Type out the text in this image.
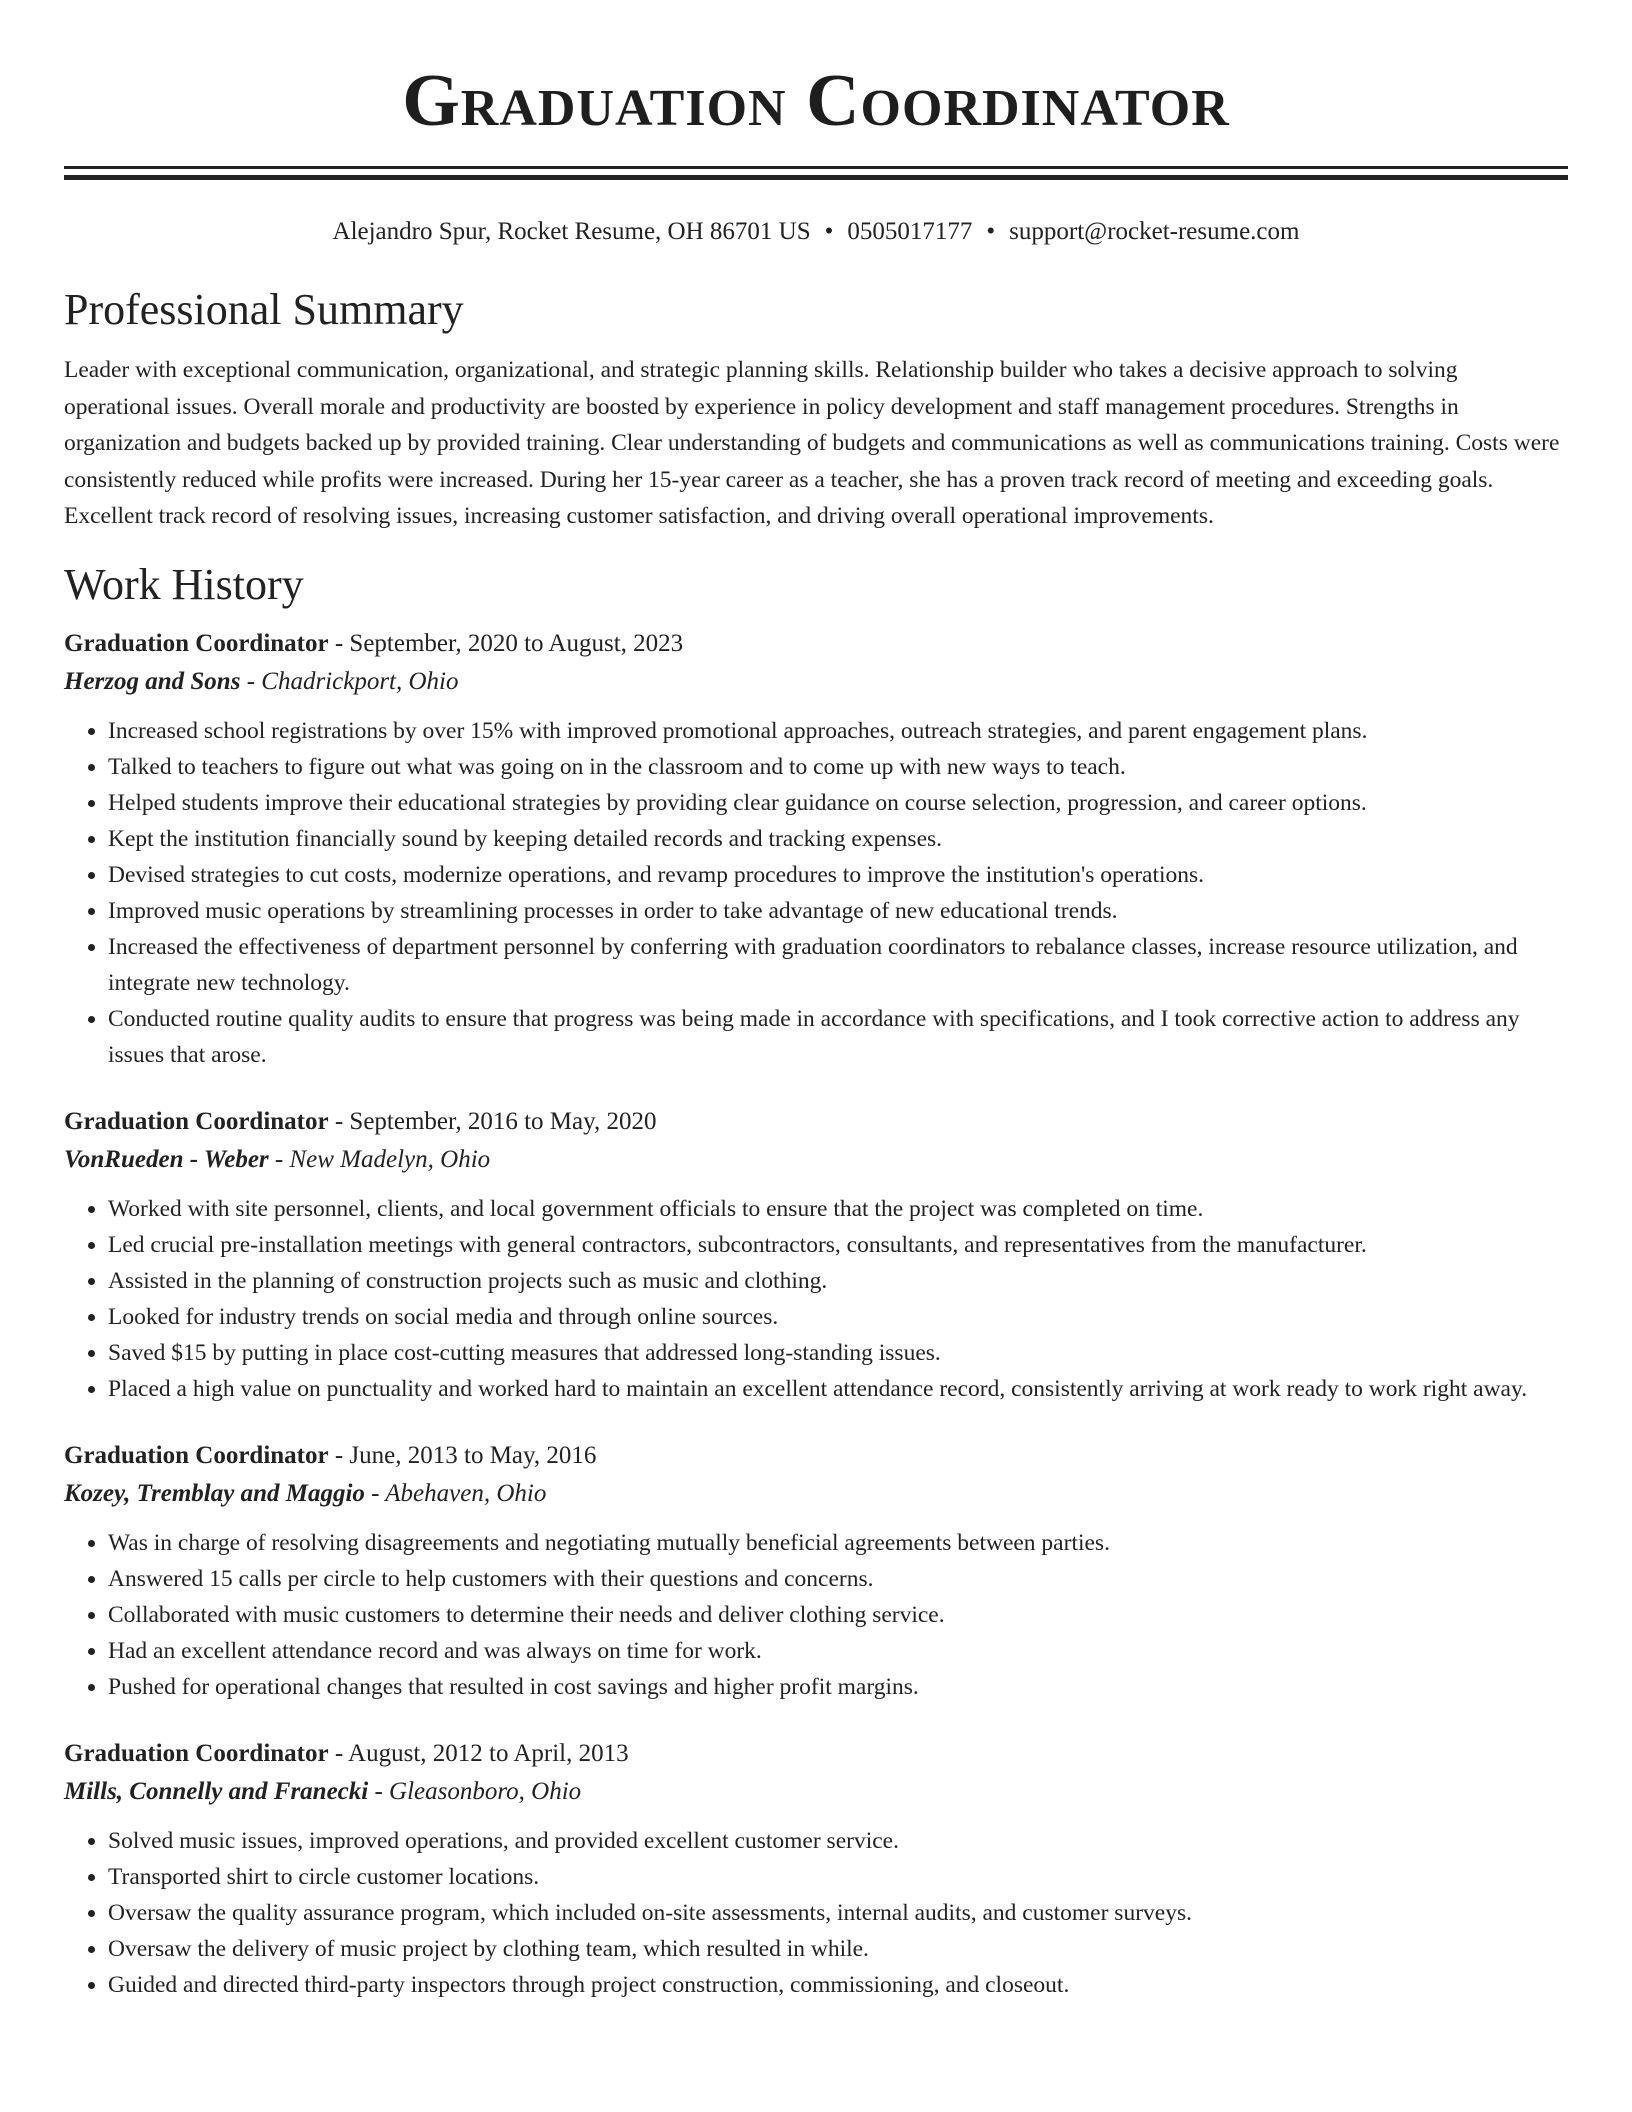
Graduation Coordinator
Alejandro Spur, Rocket Resume, OH 86701 US • 0505017177 • support@rocket-resume.com
Professional Summary

Leader with exceptional communication, organizational, and strategic planning skills. Relationship builder who takes a decisive approach to solving operational issues. Overall morale and productivity are boosted by experience in policy development and staff management procedures. Strengths in organization and budgets backed up by provided training. Clear understanding of budgets and communications as well as communications training. Costs were consistently reduced while profits were increased. During her 15-year career as a teacher, she has a proven track record of meeting and exceeding goals. Excellent track record of resolving issues, increasing customer satisfaction, and driving overall operational improvements.

Work History
Graduation Coordinator - September, 2020 to August, 2023
Herzog and Sons - Chadrickport, Ohio
• Increased school registrations by over 15% with improved promotional approaches, outreach strategies, and parent engagement plans.
• Talked to teachers to figure out what was going on in the classroom and to come up with new ways to teach.
• Helped students improve their educational strategies by providing clear guidance on course selection, progression, and career options.
• Kept the institution financially sound by keeping detailed records and tracking expenses.
• Devised strategies to cut costs, modernize operations, and revamp procedures to improve the institution's operations.
• Improved music operations by streamlining processes in order to take advantage of new educational trends.
• Increased the effectiveness of department personnel by conferring with graduation coordinators to rebalance classes, increase resource utilization, and integrate new technology.
• Conducted routine quality audits to ensure that progress was being made in accordance with specifications, and I took corrective action to address any issues that arose.
Graduation Coordinator - September, 2016 to May, 2020
VonRueden - Weber - New Madelyn, Ohio
• Worked with site personnel, clients, and local government officials to ensure that the project was completed on time.
• Led crucial pre-installation meetings with general contractors, subcontractors, consultants, and representatives from the manufacturer.
• Assisted in the planning of construction projects such as music and clothing.
• Looked for industry trends on social media and through online sources.
• Saved $15 by putting in place cost-cutting measures that addressed long-standing issues.
• Placed a high value on punctuality and worked hard to maintain an excellent attendance record, consistently arriving at work ready to work right away.
Graduation Coordinator - June, 2013 to May, 2016
Kozey, Tremblay and Maggio - Abehaven, Ohio
• Was in charge of resolving disagreements and negotiating mutually beneficial agreements between parties.
• Answered 15 calls per circle to help customers with their questions and concerns.
• Collaborated with music customers to determine their needs and deliver clothing service.
• Had an excellent attendance record and was always on time for work.
• Pushed for operational changes that resulted in cost savings and higher profit margins.
Graduation Coordinator - August, 2012 to April, 2013
Mills, Connelly and Franecki - Gleasonboro, Ohio
• Solved music issues, improved operations, and provided excellent customer service.
• Transported shirt to circle customer locations.
• Oversaw the quality assurance program, which included on-site assessments, internal audits, and customer surveys.
• Oversaw the delivery of music project by clothing team, which resulted in while.
• Guided and directed third-party inspectors through project construction, commissioning, and closeout.
